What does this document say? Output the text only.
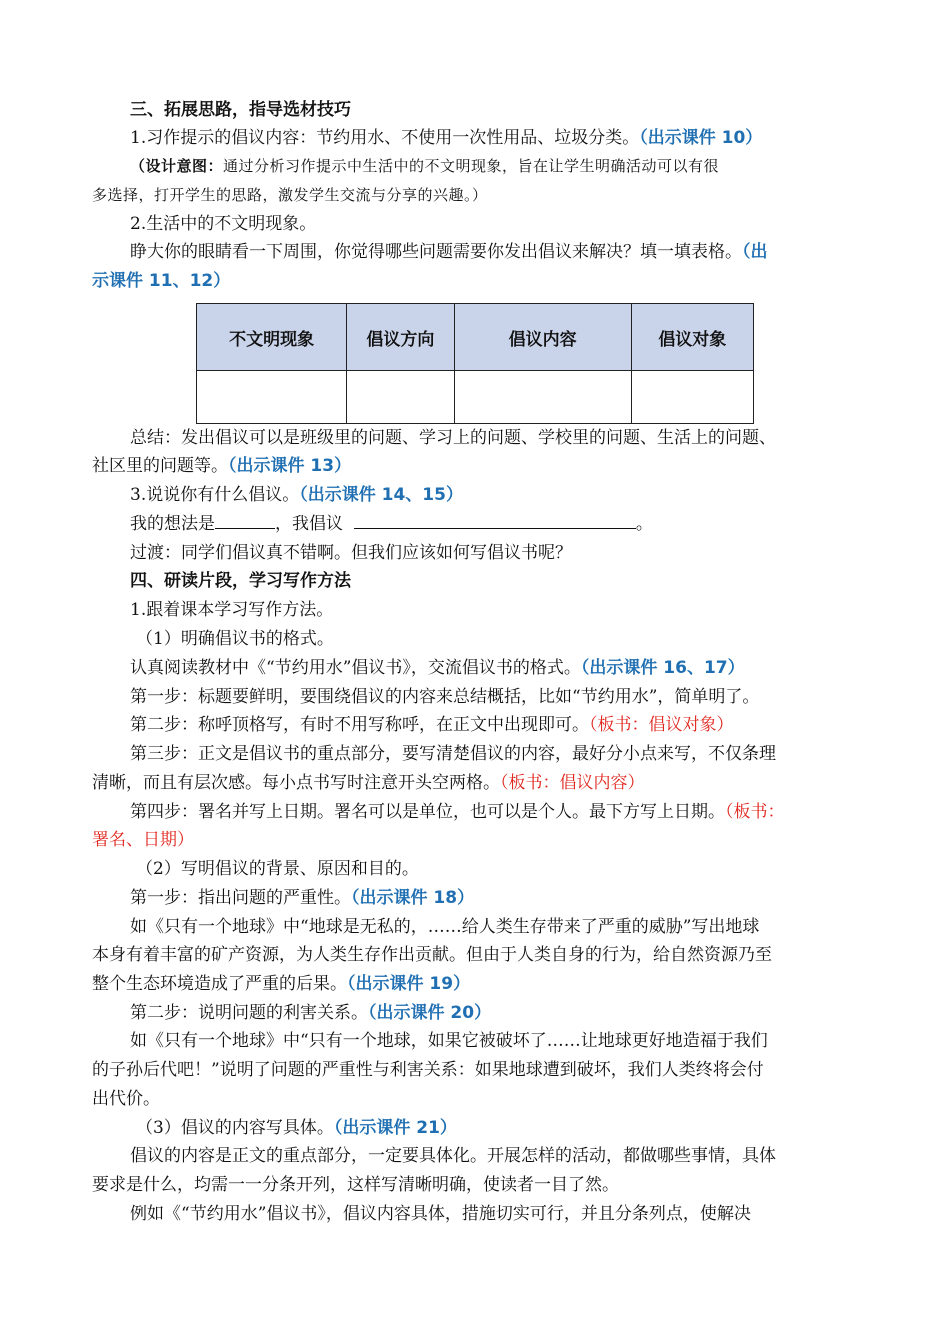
三、拓展思路，指导选材技巧
1.习作提示的倡议内容：节约用水、不使用一次性用品、垃圾分类。（出示课件 10）
（设计意图：通过分析习作提示中生活中的不文明现象，旨在让学生明确活动可以有很
多选择，打开学生的思路，激发学生交流与分享的兴趣。）
2.生活中的不文明现象。
睁大你的眼睛看一下周围，你觉得哪些问题需要你发出倡议来解决？填一填表格。（出
示课件 11、12）
不文明现象	倡议方向	倡议内容	倡议对象

总结：发出倡议可以是班级里的问题、学习上的问题、学校里的问题、生活上的问题、
社区里的问题等。（出示课件 13）
3.说说你有什么倡议。（出示课件 14、15）
我的想法是	，我倡议	。
过渡：同学们倡议真不错啊。但我们应该如何写倡议书呢？
四、研读片段，学习写作方法
1.跟着课本学习写作方法。
（1）明确倡议书的格式。
认真阅读教材中《“节约用水”倡议书》，交流倡议书的格式。（出示课件 16、17）
第一步：标题要鲜明，要围绕倡议的内容来总结概括，比如“节约用水”，简单明了。
第二步：称呼顶格写，有时不用写称呼，在正文中出现即可。（板书：倡议对象）
第三步：正文是倡议书的重点部分，要写清楚倡议的内容，最好分小点来写，不仅条理
清晰，而且有层次感。每小点书写时注意开头空两格。（板书：倡议内容）
第四步：署名并写上日期。署名可以是单位，也可以是个人。最下方写上日期。（板书：
署名、日期）
（2）写明倡议的背景、原因和目的。
第一步：指出问题的严重性。（出示课件 18）
如《只有一个地球》中“地球是无私的，……给人类生存带来了严重的威胁”写出地球
本身有着丰富的矿产资源，为人类生存作出贡献。但由于人类自身的行为，给自然资源乃至
整个生态环境造成了严重的后果。（出示课件 19）
第二步：说明问题的利害关系。（出示课件 20）
如《只有一个地球》中“只有一个地球，如果它被破坏了……让地球更好地造福于我们
的子孙后代吧！”说明了问题的严重性与利害关系：如果地球遭到破坏，我们人类终将会付
出代价。
（3）倡议的内容写具体。（出示课件 21）
倡议的内容是正文的重点部分，一定要具体化。开展怎样的活动，都做哪些事情，具体
要求是什么，均需一一分条开列，这样写清晰明确，使读者一目了然。
例如《“节约用水”倡议书》，倡议内容具体，措施切实可行，并且分条列点，使解决
